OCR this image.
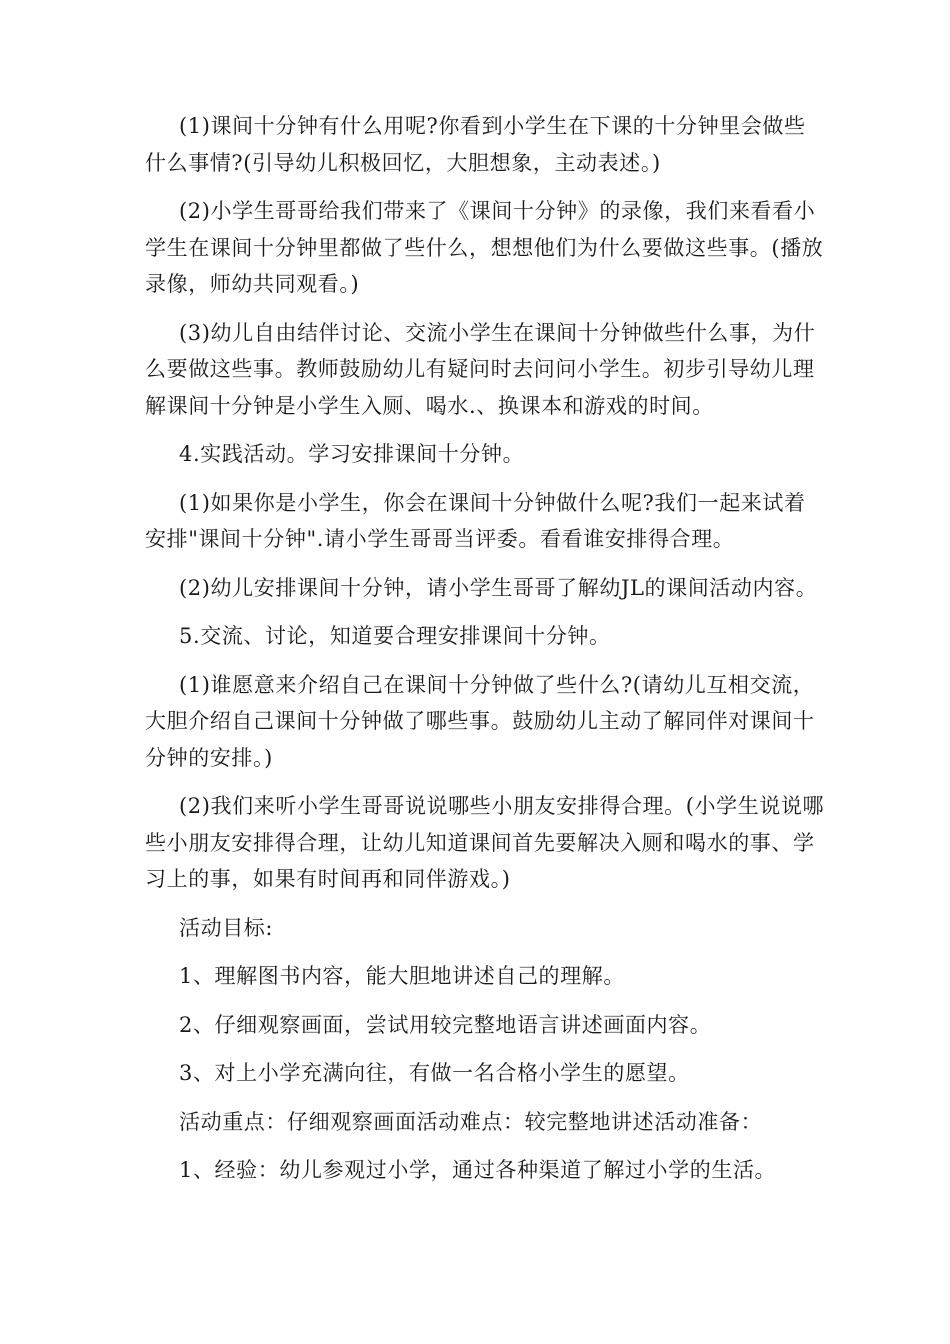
(1)课间十分钟有什么用呢?你看到小学生在下课的十分钟里会做些什么事情?(引导幼儿积极回忆，大胆想象，主动表述。)

(2)小学生哥哥给我们带来了《课间十分钟》的录像，我们来看看小学生在课间十分钟里都做了些什么，想想他们为什么要做这些事。(播放录像，师幼共同观看。)

(3)幼儿自由结伴讨论、交流小学生在课间十分钟做些什么事，为什么要做这些事。教师鼓励幼儿有疑问时去问问小学生。初步引导幼儿理解课间十分钟是小学生入厕、喝水.、换课本和游戏的时间。

4.实践活动。学习安排课间十分钟。

(1)如果你是小学生，你会在课间十分钟做什么呢?我们一起来试着安排"课间十分钟".请小学生哥哥当评委。看看谁安排得合理。

(2)幼儿安排课间十分钟，请小学生哥哥了解幼JL的课间活动内容。

5.交流、讨论，知道要合理安排课间十分钟。

(1)谁愿意来介绍自己在课间十分钟做了些什么?(请幼儿互相交流，大胆介绍自己课间十分钟做了哪些事。鼓励幼儿主动了解同伴对课间十分钟的安排。)

(2)我们来听小学生哥哥说说哪些小朋友安排得合理。(小学生说说哪些小朋友安排得合理，让幼儿知道课间首先要解决入厕和喝水的事、学习上的事，如果有时间再和同伴游戏。)

活动目标:

1、理解图书内容，能大胆地讲述自己的理解。

2、仔细观察画面，尝试用较完整地语言讲述画面内容。

3、对上小学充满向往，有做一名合格小学生的愿望。

活动重点：仔细观察画面活动难点：较完整地讲述活动准备：

1、经验：幼儿参观过小学，通过各种渠道了解过小学的生活。
